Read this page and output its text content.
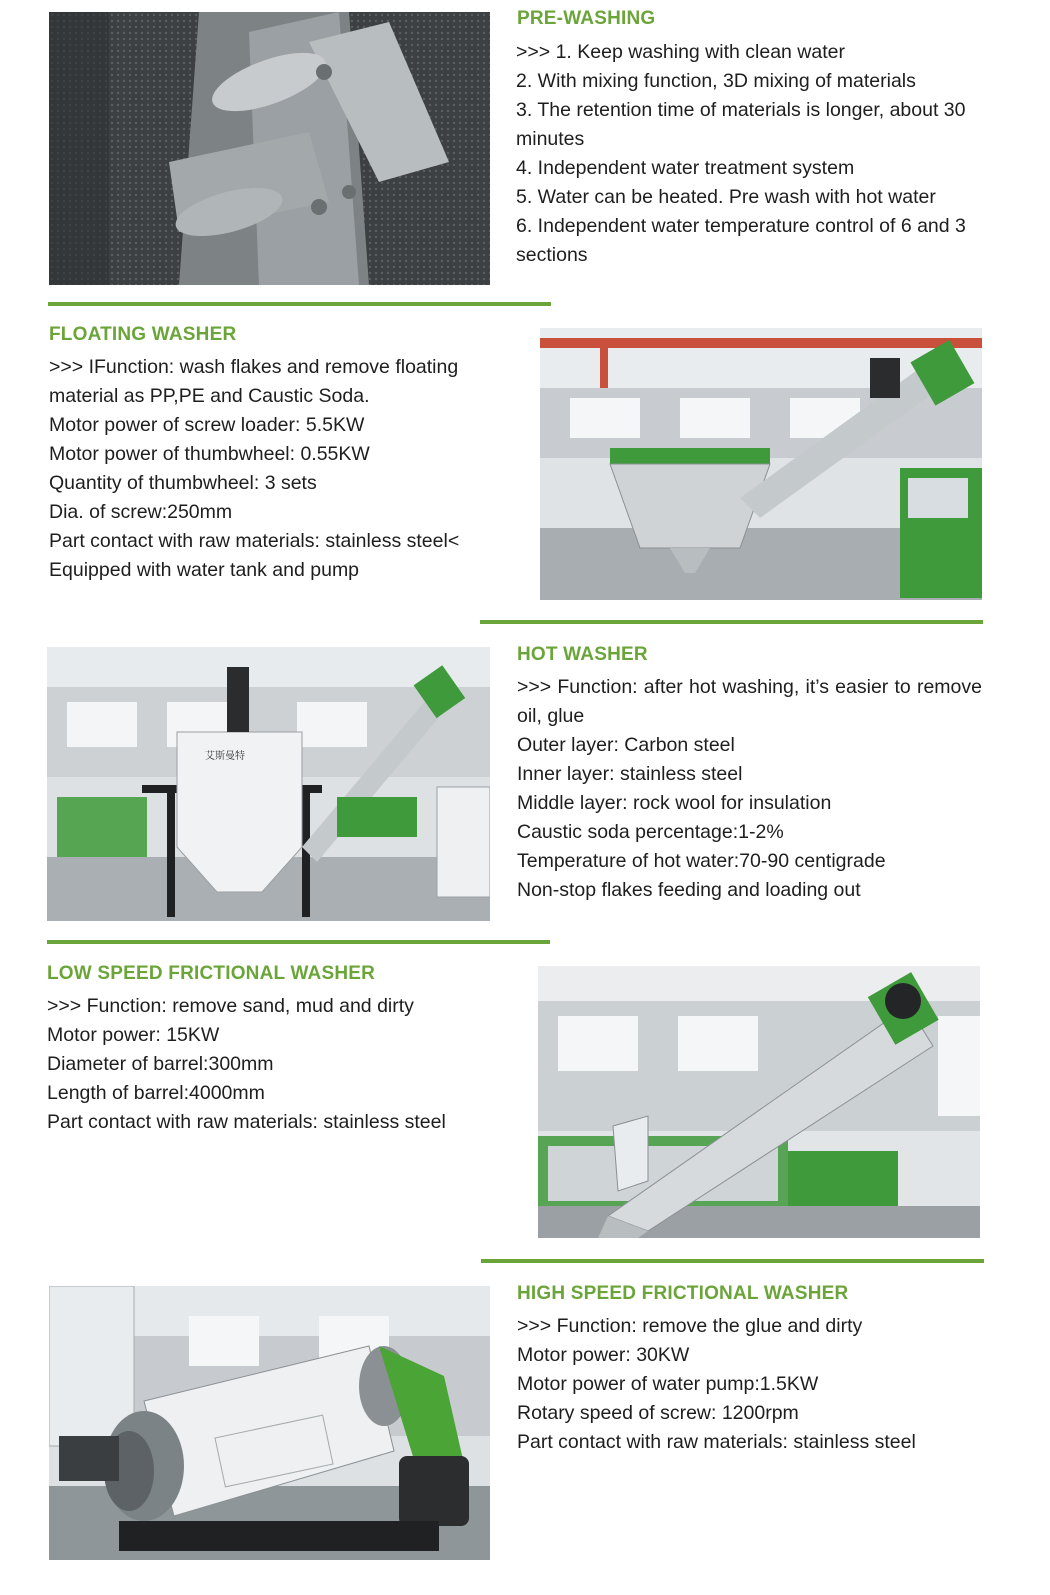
PRE-WASHING
>>> 1. Keep washing with clean water
2. With mixing function, 3D mixing of materials
3. The retention time of materials is longer, about 30 minutes
4. Independent water treatment system
5. Water can be heated. Pre wash with hot water
6. Independent water temperature control of 6 and 3 sections
FLOATING WASHER
>>> IFunction: wash flakes and remove floating material as PP,PE and Caustic Soda.
Motor power of screw loader: 5.5KW
Motor power of thumbwheel: 0.55KW
Quantity of thumbwheel: 3 sets
Dia. of screw:250mm
Part contact with raw materials: stainless steel<
Equipped with water tank and pump
艾斯曼特
HOT WASHER
>>> Function: after hot washing, it’s easier to remove oil, glue
Outer layer: Carbon steel
Inner layer: stainless steel
Middle layer: rock wool for insulation
Caustic soda percentage:1-2%
Temperature of hot water:70-90 centigrade
Non-stop flakes feeding and loading out
LOW SPEED FRICTIONAL WASHER
>>> Function: remove sand, mud and dirty
Motor power: 15KW
Diameter of barrel:300mm
Length of barrel:4000mm
Part contact with raw materials: stainless steel
HIGH SPEED FRICTIONAL WASHER
>>> Function: remove the glue and dirty
Motor power: 30KW
Motor power of water pump:1.5KW
Rotary speed of screw: 1200rpm
Part contact with raw materials: stainless steel
